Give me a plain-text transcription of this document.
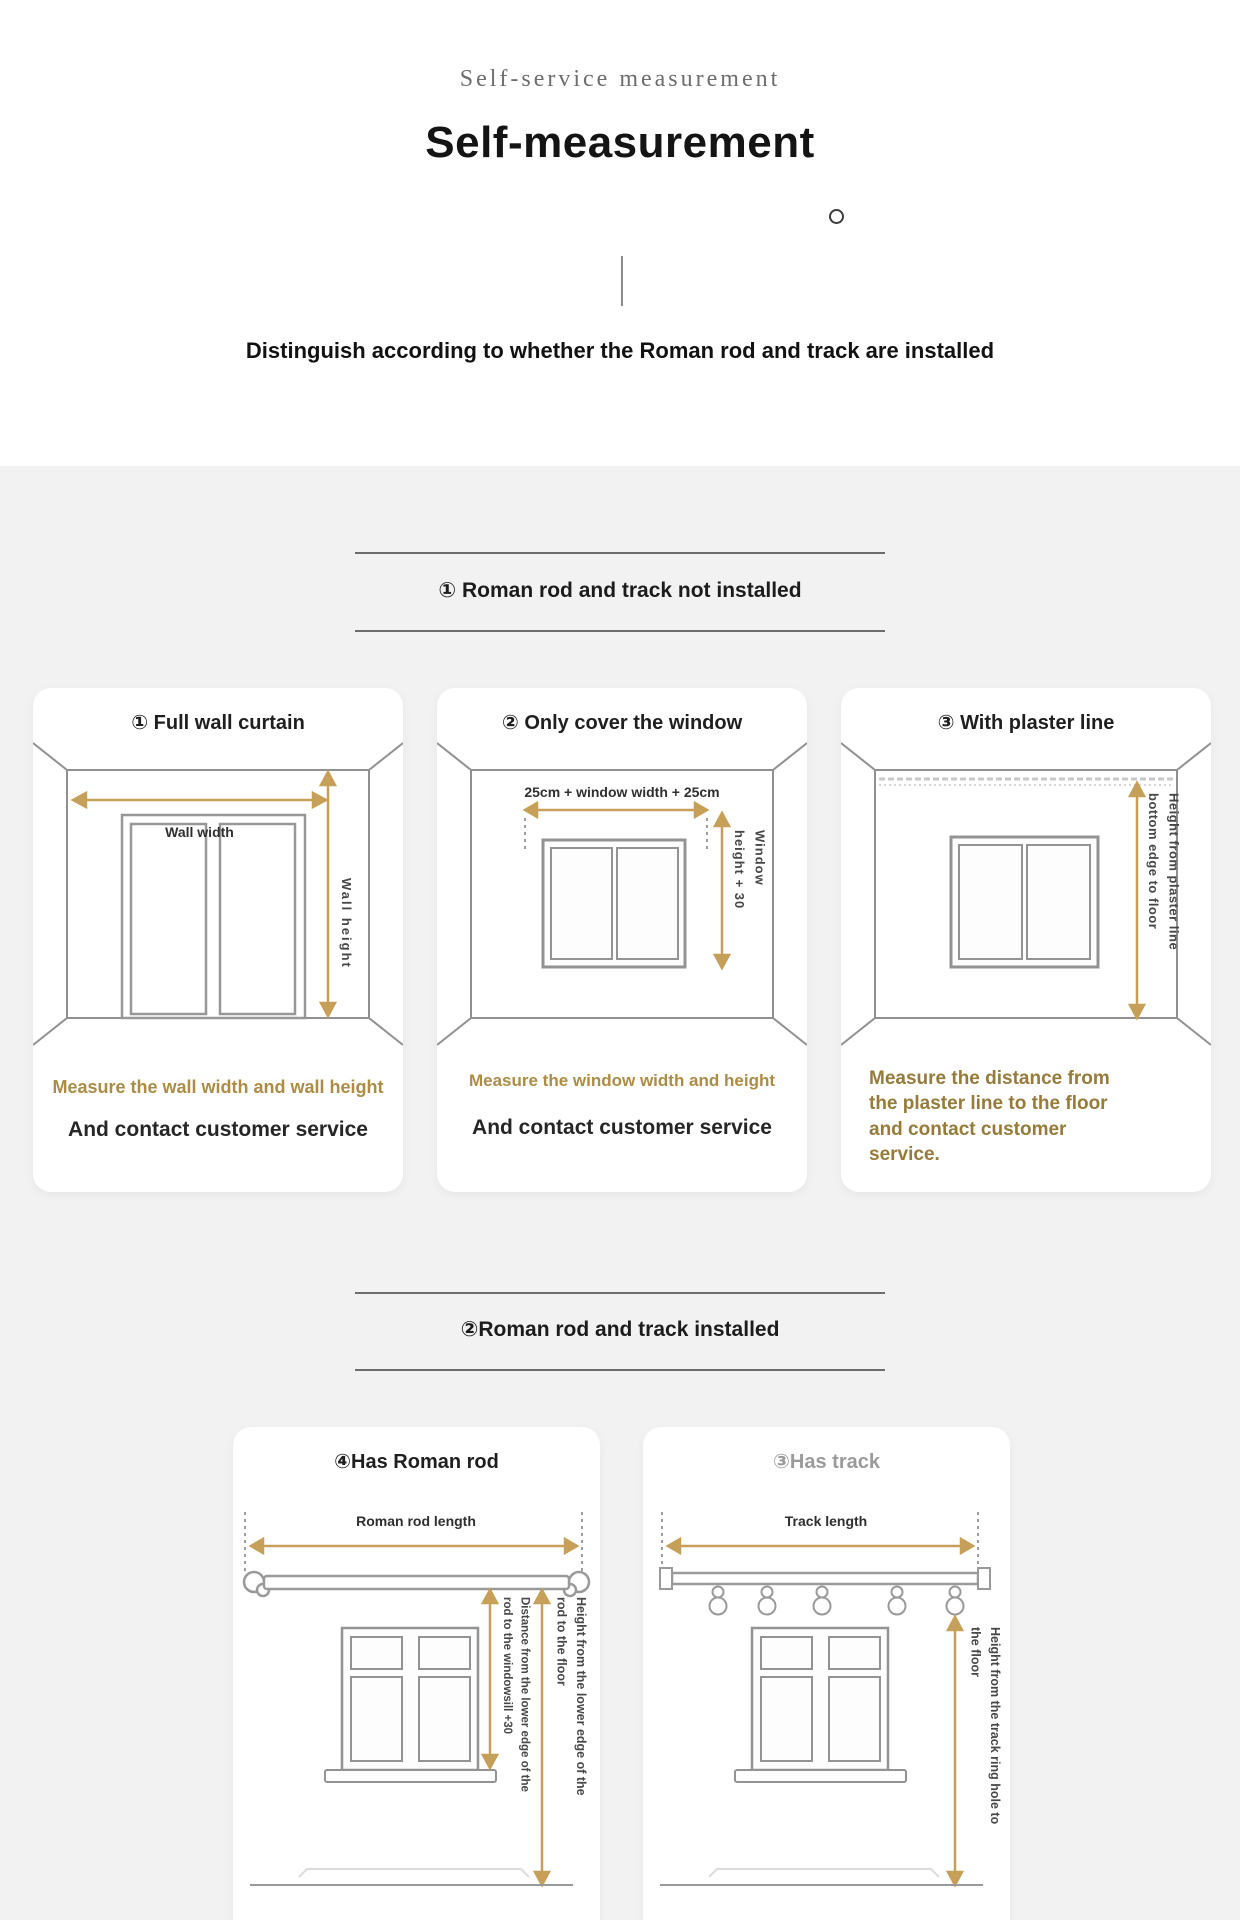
Self-service measurement
Self-measurement
Distinguish according to whether the Roman rod and track are installed
① Roman rod and track not installed
① Full wall curtain
Wall width
Wall height
Measure the wall width and wall height
And contact customer service
② Only cover the window
25cm + window width + 25cm
Window
height + 30
Measure the window width and height
And contact customer service
③ With plaster line
Height from plaster line
bottom edge to floor
Measure the distance from the plaster line to the floor and contact customer service.
②Roman rod and track installed
④Has Roman rod
Roman rod length
Distance from the lower edge of the
rod to the windowsill +30	Height from the lower edge of the
rod to the floor
③Has track
Track length
Height from the track ring hole to
the floor
